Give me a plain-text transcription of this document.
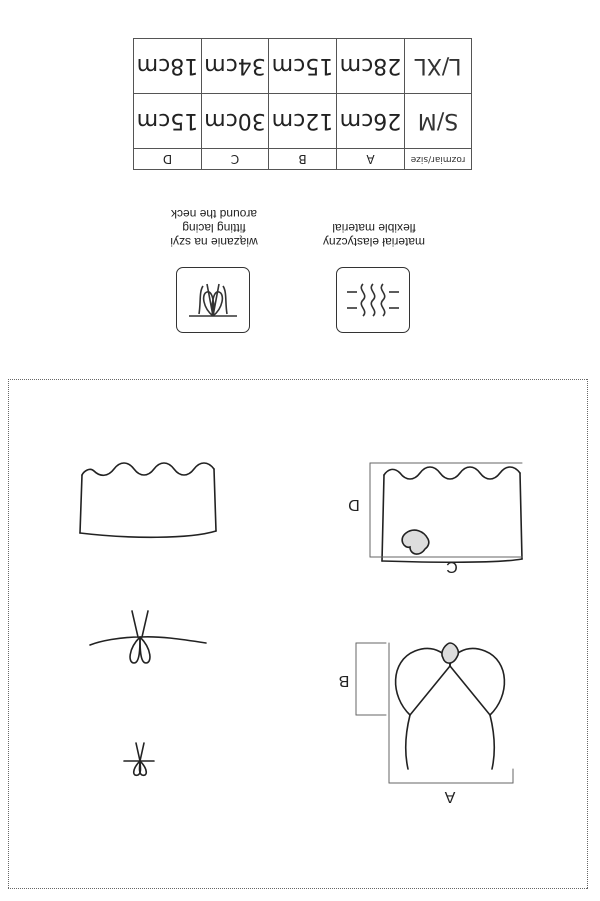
rozmiar/size	A	B	C	D
S/M	26cm	12cm	30cm	15cm
L/XL	28cm	15cm	34cm	18cm
materiał elastyczny
flexible material
wiązanie na szyi
fitting lacing
around the neck
A
B
C
D
